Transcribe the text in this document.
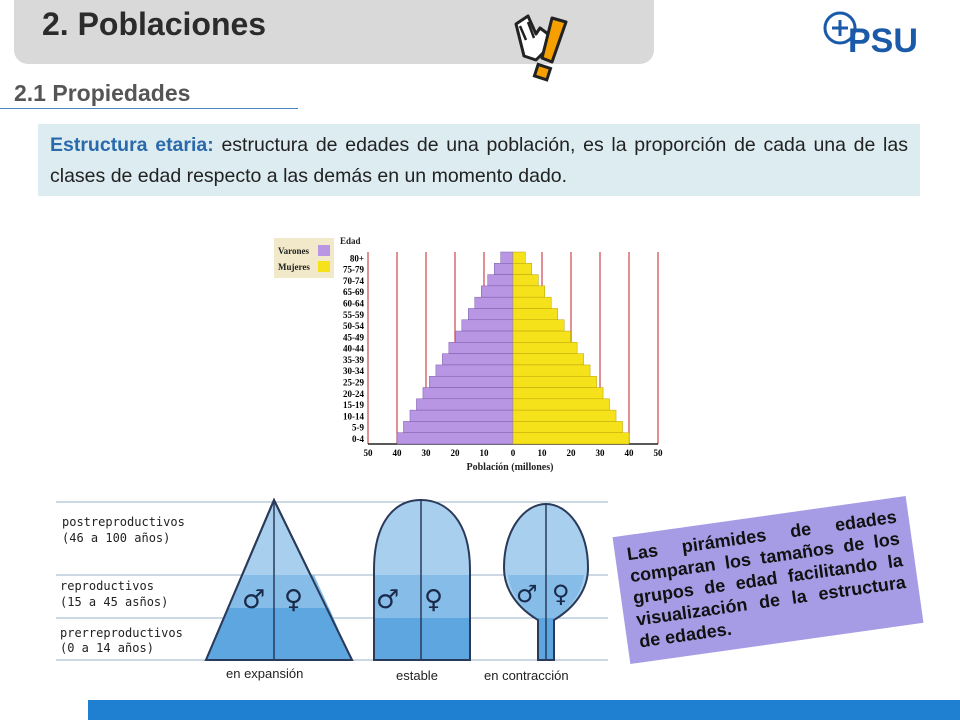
2. Poblaciones	PSU
2.1 Propiedades
Estructura etaria: estructura de edades de una población, es la proporción de cada una de las clases de edad respecto a las demás en un momento dado.
Varones
Mujeres
Edad
80+
75-79
70-74
65-69
60-64
55-59
50-54
45-49
40-44
35-39
30-34
25-29
20-24
15-19
10-14
5-9
0-4
50 40 30 20 10 0 10 20 30 40 50
Población (millones)
♂ ♀	♂ ♀	♂ ♀
postreproductivos
(46 a 100 años)
reproductivos
(15 a 45 asños)
prerreproductivos
(0 a 14 años)
en expansión	estable	en contracción
Las pirámides de edades comparan los tamaños de los grupos de edad facilitando la visualización de la estructura de edades.
